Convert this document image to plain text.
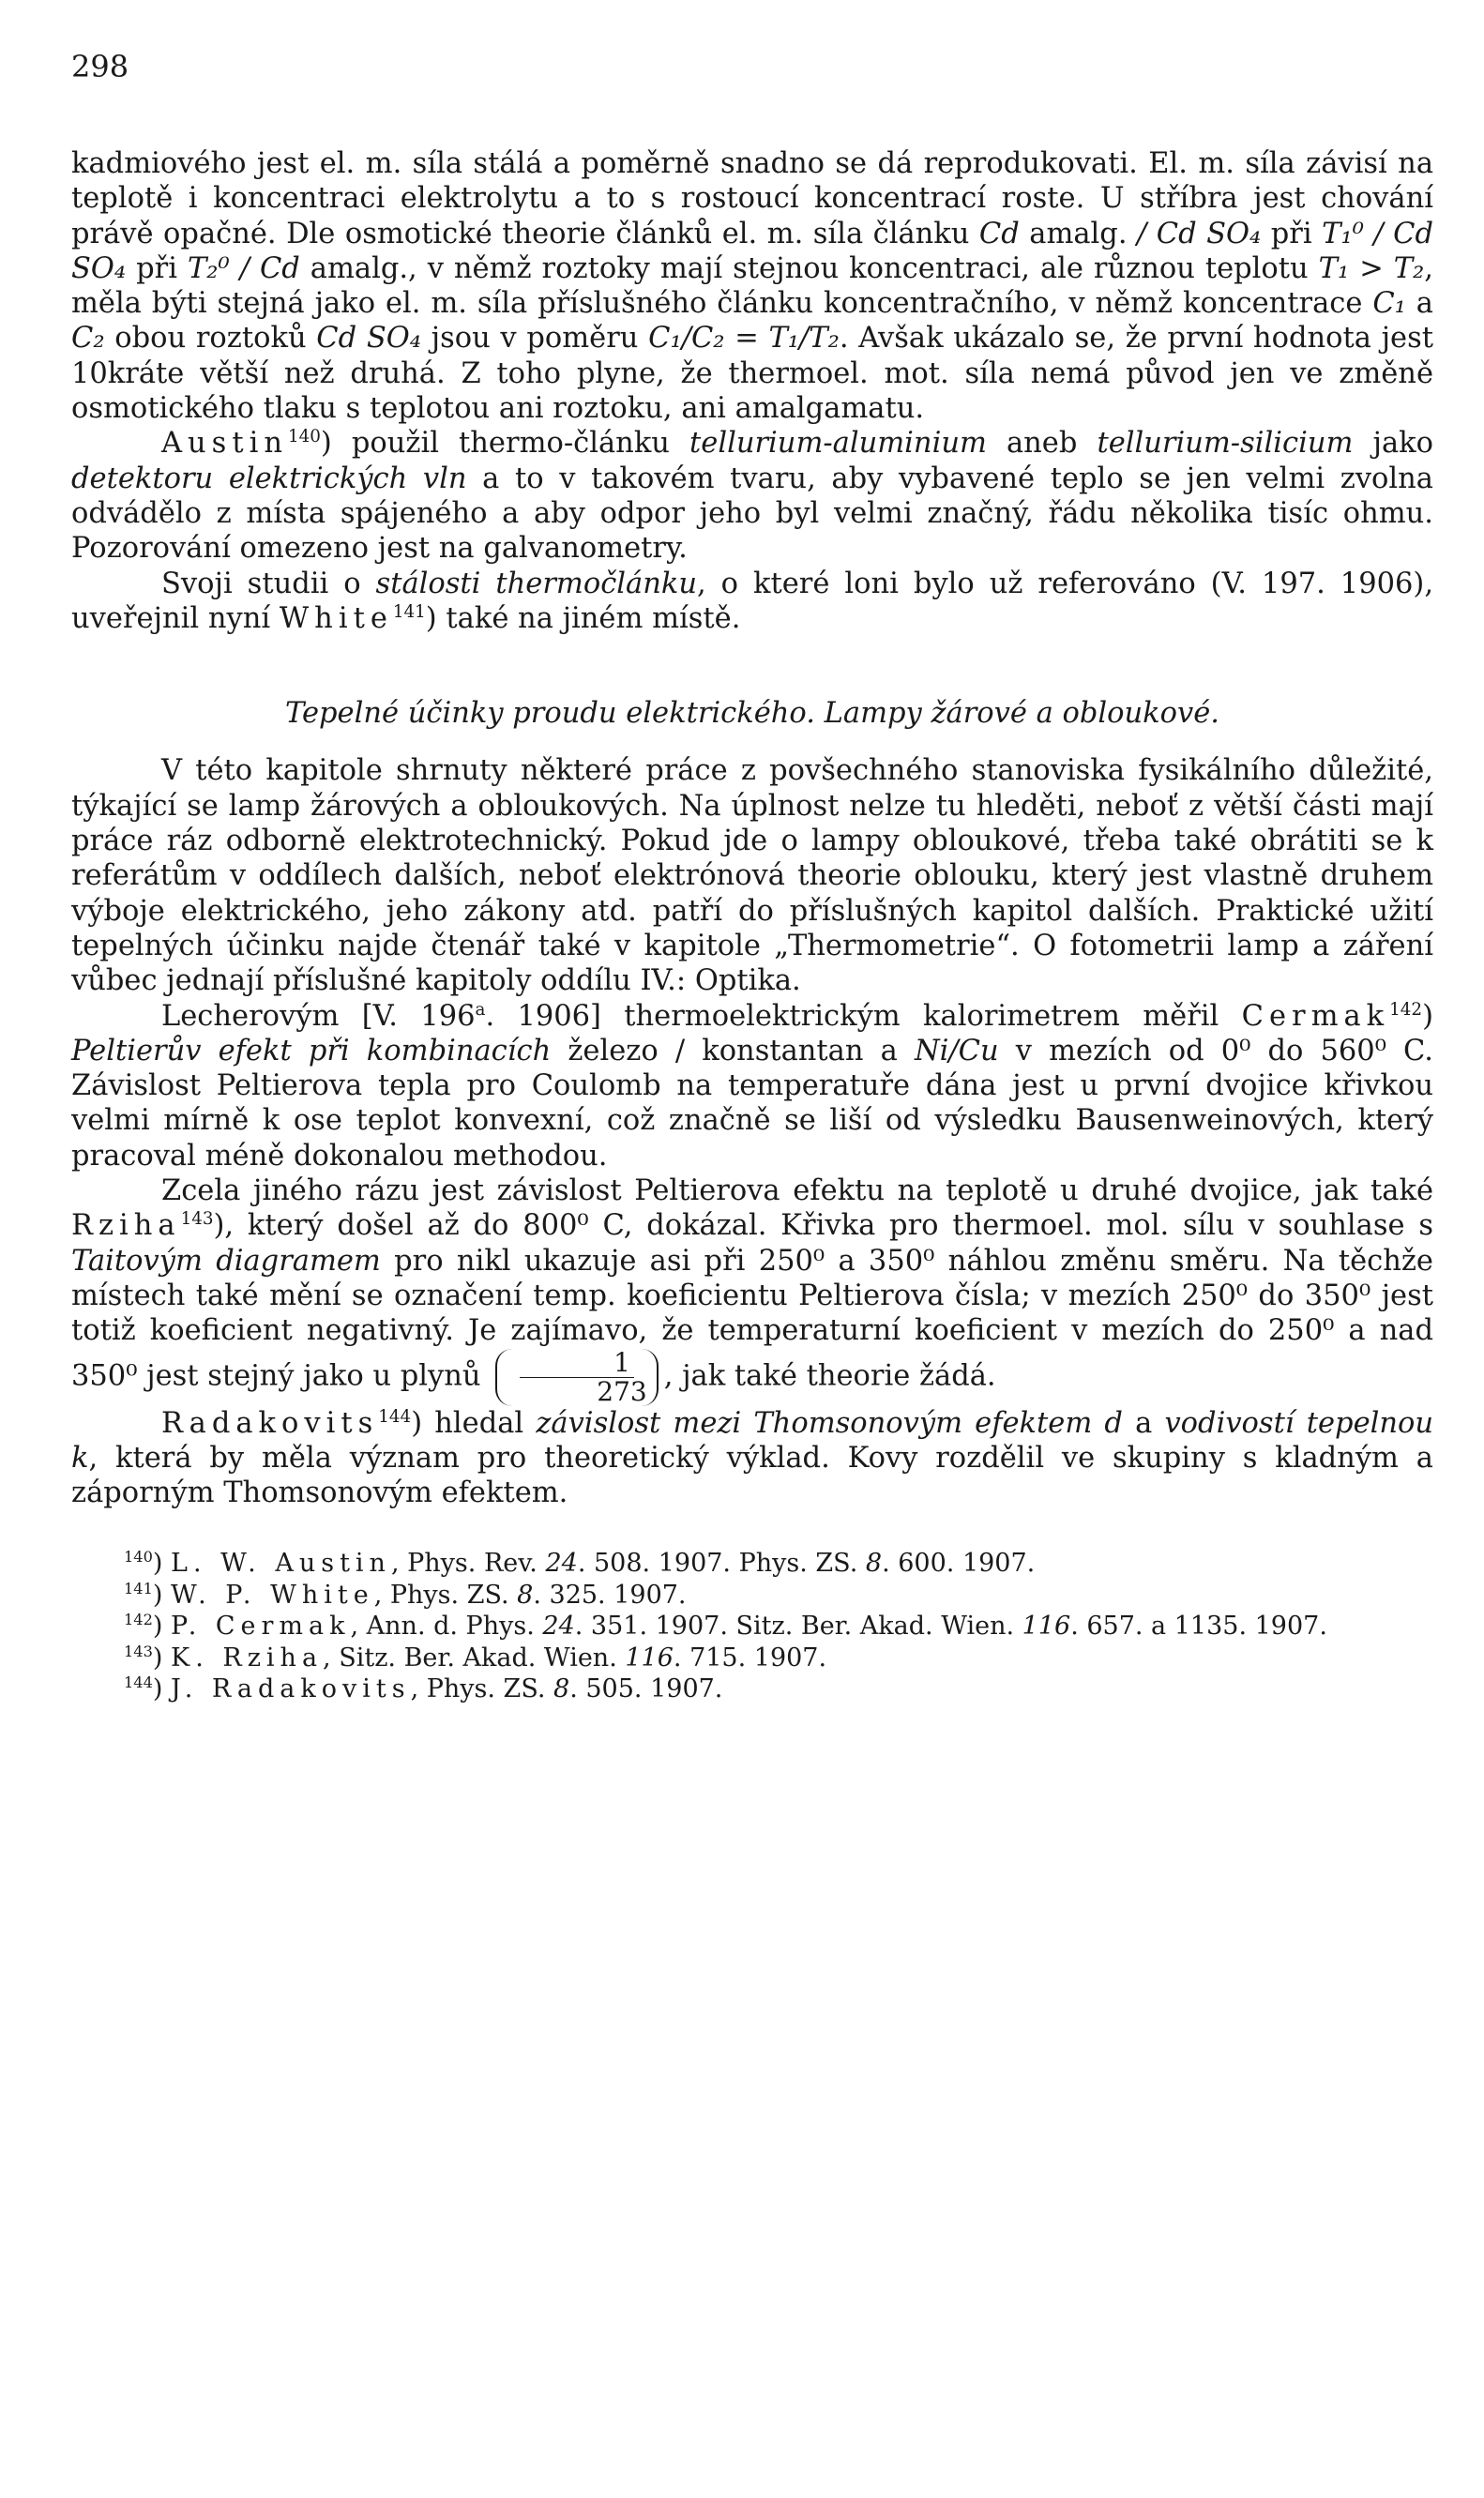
298

kadmiového jest el. m. síla stálá a poměrně snadno se dá reprodukovati. El. m. síla závisí na teplotě i koncentraci elektrolytu a to s rostoucí koncentrací roste. U stříbra jest chování právě opačné. Dle osmotické theorie článků el. m. síla článku Cd amalg. / Cd SO₄ při T₁⁰ / Cd SO₄ při T₂⁰ / Cd amalg., v němž roztoky mají stejnou koncentraci, ale různou teplotu T₁ > T₂, měla býti stejná jako el. m. síla příslušného článku koncentračního, v němž koncentrace C₁ a C₂ obou roztoků Cd SO₄ jsou v poměru C₁/C₂ = T₁/T₂. Avšak ukázalo se, že první hodnota jest 10kráte větší než druhá. Z toho plyne, že thermoel. mot. síla nemá původ jen ve změně osmotického tlaku s teplotou ani roztoku, ani amalgamatu.

Austin$^{140}$) použil thermo-článku tellurium-aluminium aneb tellurium-silicium jako detektoru elektrických vln a to v takovém tvaru, aby vybavené teplo se jen velmi zvolna odvádělo z místa spájeného a aby odpor jeho byl velmi značný, řádu několika tisíc ohmu. Pozorování omezeno jest na galvanometry.

Svoji studii o stálosti thermočlánku, o které loni bylo už referováno (V. 197. 1906), uveřejnil nyní White$^{141}$) také na jiném místě.

Tepelné účinky proudu elektrického. Lampy žárové a obloukové.

V této kapitole shrnuty některé práce z povšechného stanoviska fysikálního důležité, týkající se lamp žárových a obloukových. Na úplnost nelze tu hleděti, neboť z větší části mají práce ráz odborně elektrotechnický. Pokud jde o lampy obloukové, třeba také obrátiti se k referátům v oddílech dalších, neboť elektrónová theorie oblouku, který jest vlastně druhem výboje elektrického, jeho zákony atd. patří do příslušných kapitol dalších. Praktické užití tepelných účinku najde čtenář také v kapitole „Thermometrie“. O fotometrii lamp a záření vůbec jednají příslušné kapitoly oddílu IV.: Optika.

Lecherovým [V. 196$^a$. 1906] thermoelektrickým kalorimetrem měřil Cermak$^{142}$) Peltierův efekt při kombinacích železo / konstantan a Ni/Cu v mezích od 0⁰ do 560⁰ C. Závislost Peltierova tepla pro Coulomb na temperatuře dána jest u první dvojice křivkou velmi mírně k ose teplot konvexní, což značně se liší od výsledku Bausenweinových, který pracoval méně dokonalou methodou.

Zcela jiného rázu jest závislost Peltierova efektu na teplotě u druhé dvojice, jak také Rziha$^{143}$), který došel až do 800⁰ C, dokázal. Křivka pro thermoel. mol. sílu v souhlase s Taitovým diagramem pro nikl ukazuje asi při 250⁰ a 350⁰ náhlou změnu směru. Na těchže místech také mění se označení temp. koeficientu Peltierova čísla; v mezích 250⁰ do 350⁰ jest totiž koeficient negativný. Je zajímavo, že temperaturní koeficient v mezích do 250⁰ a nad 350⁰ jest stejný jako u plynů $\frac{1}{273}$ , jak také theorie žádá.

Radakovits$^{144}$) hledal závislost mezi Thomsonovým efektem d a vodivostí tepelnou k, která by měla význam pro theoretický výklad. Kovy rozdělil ve skupiny s kladným a záporným Thomsonovým efektem.

$^{140}$) L. W. Austin, Phys. Rev. 24. 508. 1907. Phys. ZS. 8. 600. 1907.

$^{141}$) W. P. White, Phys. ZS. 8. 325. 1907.

$^{142}$) P. Cermak, Ann. d. Phys. 24. 351. 1907. Sitz. Ber. Akad. Wien. 116. 657. a 1135. 1907.

$^{143}$) K. Rziha, Sitz. Ber. Akad. Wien. 116. 715. 1907.

$^{144}$) J. Radakovits, Phys. ZS. 8. 505. 1907.
